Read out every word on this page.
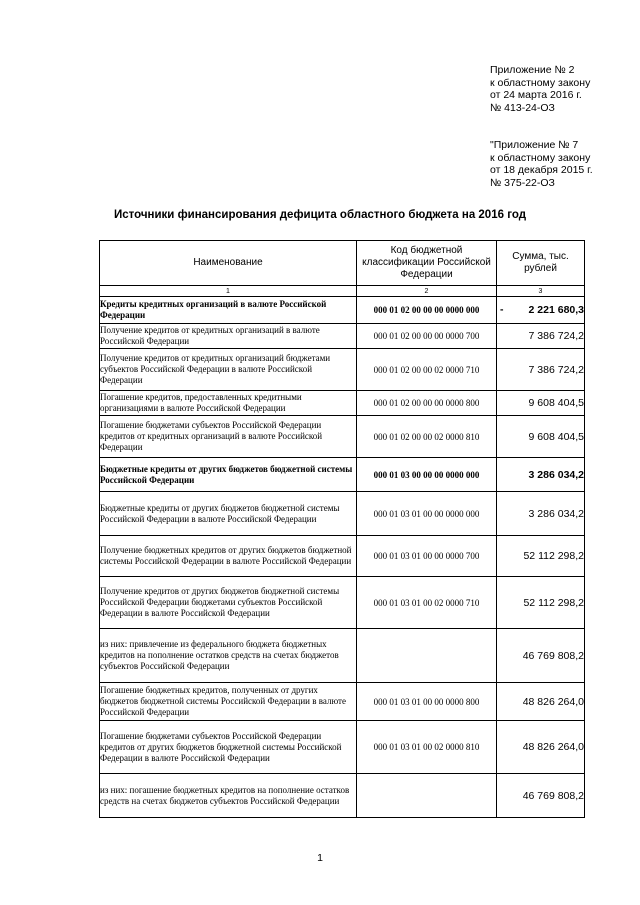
Приложение № 2
к областному закону
от 24 марта 2016 г.
№ 413-24-ОЗ
"Приложение № 7
к областному закону
от 18 декабря 2015 г.
№ 375-22-ОЗ
Источники финансирования дефицита областного бюджета на 2016 год
Наименование	Код бюджетной классификации Российской Федерации	Сумма, тыс. рублей
1	2	3
Кредиты кредитных организаций в валюте Российской Федерации	000 01 02 00 00 00 0000 000	- 2 221 680,3
Получение кредитов от кредитных организаций в валюте Российской Федерации	000 01 02 00 00 00 0000 700	7 386 724,2
Получение кредитов от кредитных организаций бюджетами субъектов Российской Федерации в валюте Российской Федерации	000 01 02 00 00 02 0000 710	7 386 724,2
Погашение кредитов, предоставленных кредитными организациями в валюте Российской Федерации	000 01 02 00 00 00 0000 800	9 608 404,5
Погашение бюджетами субъектов Российской Федерации кредитов от кредитных организаций в валюте Российской Федерации	000 01 02 00 00 02 0000 810	9 608 404,5
Бюджетные кредиты от других бюджетов бюджетной системы Российской Федерации	000 01 03 00 00 00 0000 000	3 286 034,2
Бюджетные кредиты от других бюджетов бюджетной системы Российской Федерации в валюте Российской Федерации	000 01 03 01 00 00 0000 000	3 286 034,2
Получение бюджетных кредитов от других бюджетов бюджетной системы Российской Федерации в валюте Российской Федерации	000 01 03 01 00 00 0000 700	52 112 298,2
Получение кредитов от других бюджетов бюджетной системы Российской Федерации бюджетами субъектов Российской Федерации в валюте Российской Федерации	000 01 03 01 00 02 0000 710	52 112 298,2
из них: привлечение из федерального бюджета бюджетных кредитов на пополнение остатков средств на счетах бюджетов субъектов Российской Федерации		46 769 808,2
Погашение бюджетных кредитов, полученных от других бюджетов бюджетной системы Российской Федерации в валюте Российской Федерации	000 01 03 01 00 00 0000 800	48 826 264,0
Погашение бюджетами субъектов Российской Федерации кредитов от других бюджетов бюджетной системы Российской Федерации в валюте Российской Федерации	000 01 03 01 00 02 0000 810	48 826 264,0
из них: погашение бюджетных кредитов на пополнение остатков средств на счетах бюджетов субъектов Российской Федерации		46 769 808,2
1
